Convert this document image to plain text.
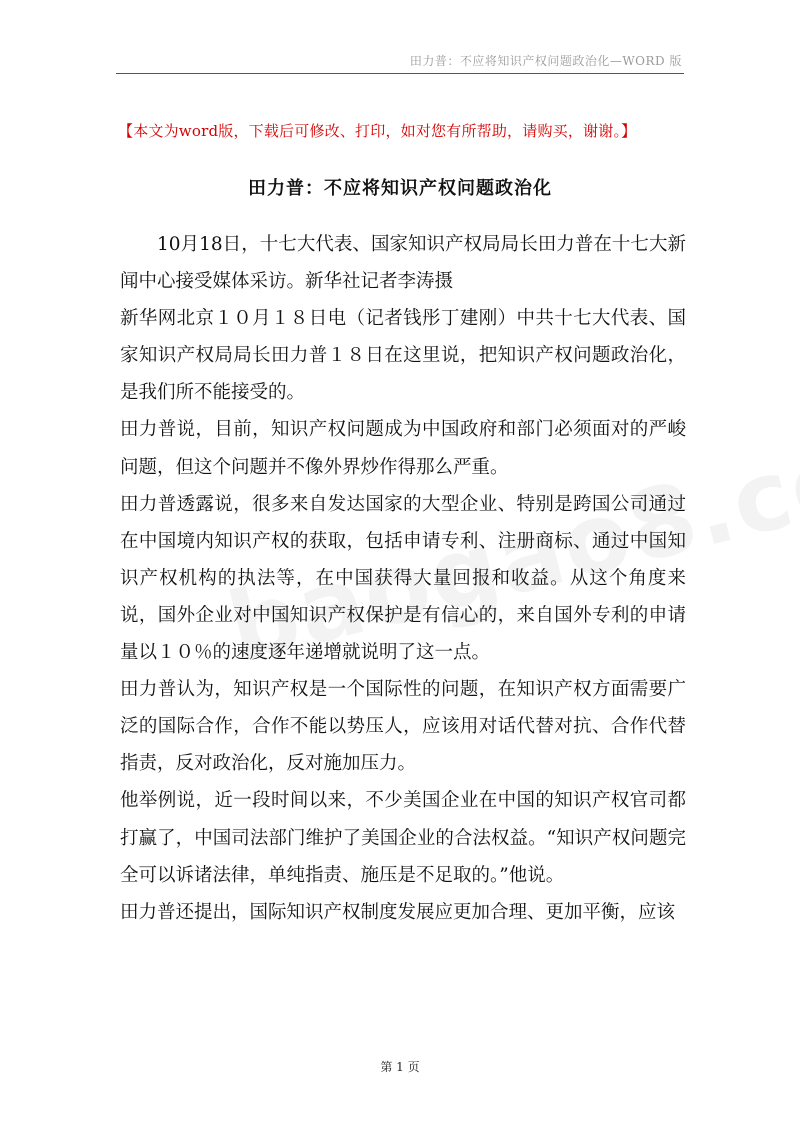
田力普：不应将知识产权问题政治化—WORD 版
【本文为word版，下载后可修改、打印，如对您有所帮助，请购买，谢谢。】
田力普：不应将知识产权问题政治化

10月18日，十七大代表、国家知识产权局局长田力普在十七大新闻中心接受媒体采访。新华社记者李涛摄

新华网北京１０月１８日电（记者钱彤丁建刚）中共十七大代表、国家知识产权局局长田力普１８日在这里说，把知识产权问题政治化，是我们所不能接受的。

田力普说，目前，知识产权问题成为中国政府和部门必须面对的严峻问题，但这个问题并不像外界炒作得那么严重。

田力普透露说，很多来自发达国家的大型企业、特别是跨国公司通过在中国境内知识产权的获取，包括申请专利、注册商标、通过中国知识产权机构的执法等，在中国获得大量回报和收益。从这个角度来说，国外企业对中国知识产权保护是有信心的，来自国外专利的申请量以１０％的速度逐年递增就说明了这一点。

田力普认为，知识产权是一个国际性的问题，在知识产权方面需要广泛的国际合作，合作不能以势压人，应该用对话代替对抗、合作代替指责，反对政治化，反对施加压力。

他举例说，近一段时间以来，不少美国企业在中国的知识产权官司都打赢了，中国司法部门维护了美国企业的合法权益。“知识产权问题完全可以诉诸法律，单纯指责、施压是不足取的。”他说。

田力普还提出，国际知识产权制度发展应更加合理、更加平衡，应该

第 1 页
